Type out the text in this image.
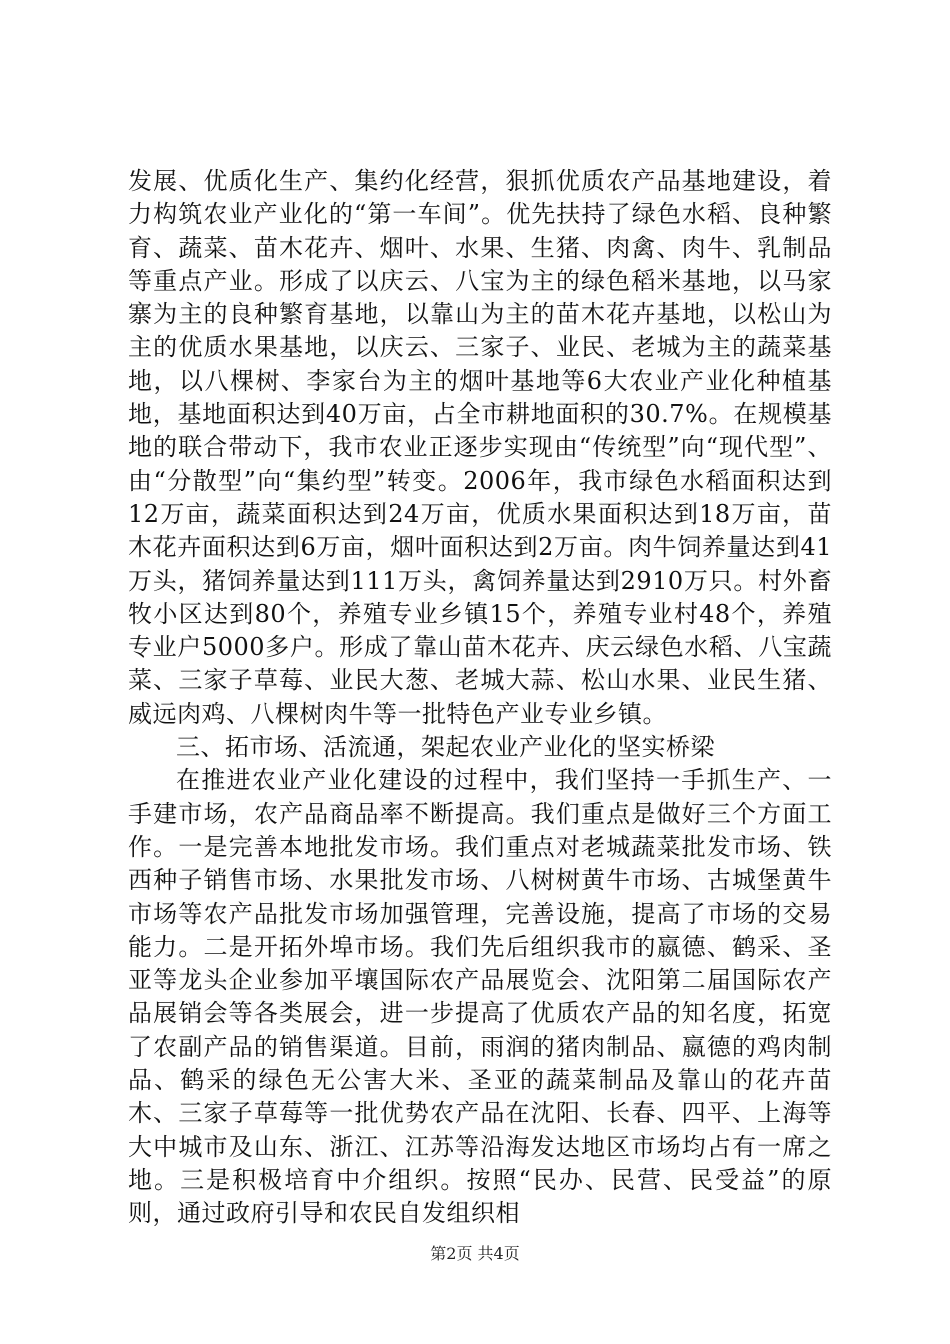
发展、优质化生产、集约化经营，狠抓优质农产品基地建设，着力构筑农业产业化的“第一车间”。优先扶持了绿色水稻、良种繁育、蔬菜、苗木花卉、烟叶、水果、生猪、肉禽、肉牛、乳制品等重点产业。形成了以庆云、八宝为主的绿色稻米基地，以马家寨为主的良种繁育基地，以靠山为主的苗木花卉基地，以松山为主的优质水果基地，以庆云、三家子、业民、老城为主的蔬菜基地，以八棵树、李家台为主的烟叶基地等6大农业产业化种植基地，基地面积达到40万亩，占全市耕地面积的30.7%。在规模基地的联合带动下，我市农业正逐步实现由“传统型”向“现代型”、由“分散型”向“集约型”转变。2006年，我市绿色水稻面积达到12万亩，蔬菜面积达到24万亩，优质水果面积达到18万亩，苗木花卉面积达到6万亩，烟叶面积达到2万亩。肉牛饲养量达到41万头，猪饲养量达到111万头，禽饲养量达到2910万只。村外畜牧小区达到80个，养殖专业乡镇15个，养殖专业村48个，养殖专业户5000多户。形成了靠山苗木花卉、庆云绿色水稻、八宝蔬菜、三家子草莓、业民大葱、老城大蒜、松山水果、业民生猪、威远肉鸡、八棵树肉牛等一批特色产业专业乡镇。

三、拓市场、活流通，架起农业产业化的坚实桥梁

在推进农业产业化建设的过程中，我们坚持一手抓生产、一手建市场，农产品商品率不断提高。我们重点是做好三个方面工作。一是完善本地批发市场。我们重点对老城蔬菜批发市场、铁西种子销售市场、水果批发市场、八树树黄牛市场、古城堡黄牛市场等农产品批发市场加强管理，完善设施，提高了市场的交易能力。二是开拓外埠市场。我们先后组织我市的嬴德、鹤采、圣亚等龙头企业参加平壤国际农产品展览会、沈阳第二届国际农产品展销会等各类展会，进一步提高了优质农产品的知名度，拓宽了农副产品的销售渠道。目前，雨润的猪肉制品、嬴德的鸡肉制品、鹤采的绿色无公害大米、圣亚的蔬菜制品及靠山的花卉苗木、三家子草莓等一批优势农产品在沈阳、长春、四平、上海等大中城市及山东、浙江、江苏等沿海发达地区市场均占有一席之地。三是积极培育中介组织。按照“民办、民营、民受益”的原则，通过政府引导和农民自发组织相

第2页 共4页
